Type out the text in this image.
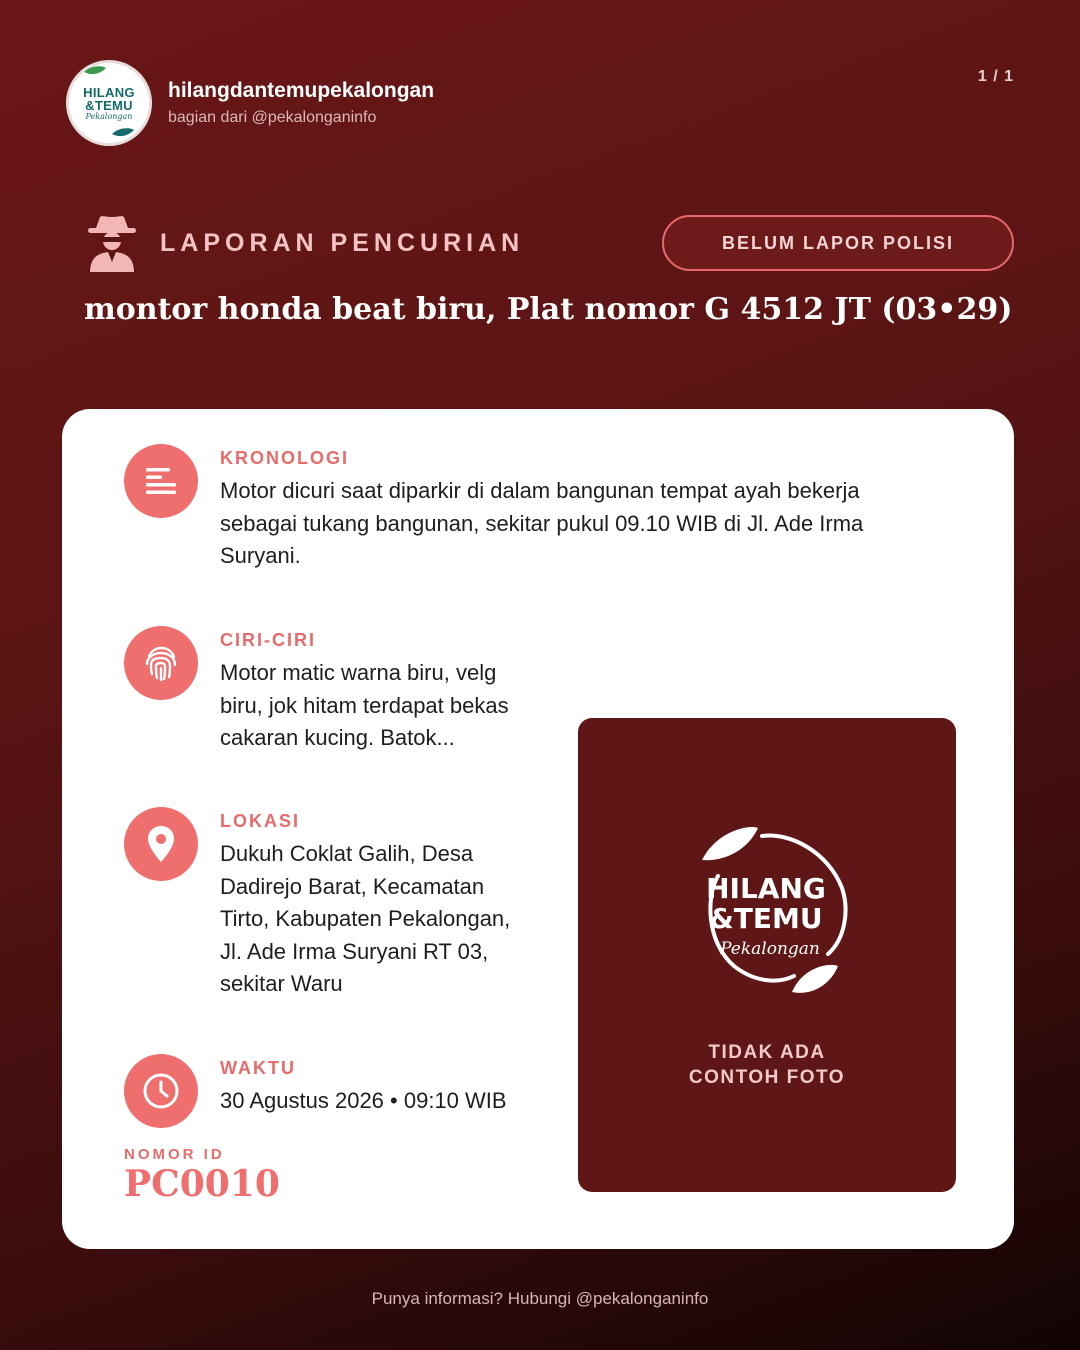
HILANG
&TEMU
Pekalongan
hilangdantemupekalongan
bagian dari @pekalonganinfo
1 / 1
LAPORAN PENCURIAN	BELUM LAPOR POLISI
montor honda beat biru, Plat nomor G 4512 JT (03•29)
KRONOLOGI
Motor dicuri saat diparkir di dalam bangunan tempat ayah bekerja sebagai tukang bangunan, sekitar pukul 09.10 WIB di Jl. Ade Irma Suryani.
CIRI-CIRI
Motor matic warna biru, velg biru, jok hitam terdapat bekas cakaran kucing. Batok...
LOKASI
Dukuh Coklat Galih, Desa Dadirejo Barat, Kecamatan Tirto, Kabupaten Pekalongan, Jl. Ade Irma Suryani RT 03, sekitar Waru
WAKTU
30 Agustus 2026 • 09:10 WIB
NOMOR ID
PC0010
HILANG
&TEMU
Pekalongan
TIDAK ADA
CONTOH FOTO
Punya informasi? Hubungi @pekalonganinfo
